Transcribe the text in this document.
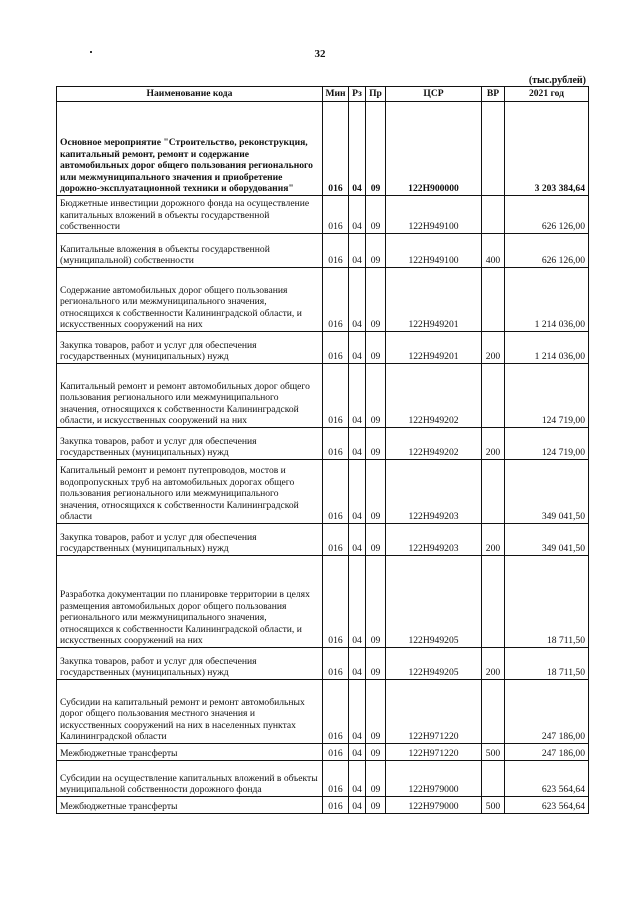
32
(тыс.рублей)
Наименование кода	Мин	Рз	Пр	ЦСР	ВР	2021 год
Основное мероприятие "Строительство, реконструкция, капитальный ремонт, ремонт и содержание автомобильных дорог общего пользования регионального или межмуниципального значения и приобретение дорожно-эксплуатационной техники и оборудования"	016	04	09	122H900000		3 203 384,64
Бюджетные инвестиции дорожного фонда на осуществление капитальных вложений в объекты государственной собственности	016	04	09	122H949100		626 126,00
Капитальные вложения в объекты государственной (муниципальной) собственности	016	04	09	122H949100	400	626 126,00
Содержание автомобильных дорог общего пользования регионального или межмуниципального значения, относящихся к собственности Калининградской области, и искусственных сооружений на них	016	04	09	122H949201		1 214 036,00
Закупка товаров, работ и услуг для обеспечения государственных (муниципальных) нужд	016	04	09	122H949201	200	1 214 036,00
Капитальный ремонт и ремонт автомобильных дорог общего пользования регионального или межмуниципального значения, относящихся к собственности Калининградской области, и искусственных сооружений на них	016	04	09	122H949202		124 719,00
Закупка товаров, работ и услуг для обеспечения государственных (муниципальных) нужд	016	04	09	122H949202	200	124 719,00
Капитальный ремонт и ремонт путепроводов, мостов и водопропускных труб на автомобильных дорогах общего пользования регионального или межмуниципального значения, относящихся к собственности Калининградской области	016	04	09	122H949203		349 041,50
Закупка товаров, работ и услуг для обеспечения государственных (муниципальных) нужд	016	04	09	122H949203	200	349 041,50
Разработка документации по планировке территории в целях размещения автомобильных дорог общего пользования регионального или межмуниципального значения, относящихся к собственности Калининградской области, и искусственных сооружений на них	016	04	09	122H949205		18 711,50
Закупка товаров, работ и услуг для обеспечения государственных (муниципальных) нужд	016	04	09	122H949205	200	18 711,50
Субсидии на капитальный ремонт и ремонт автомобильных дорог общего пользования местного значения и искусственных сооружений на них в населенных пунктах Калининградской области	016	04	09	122H971220		247 186,00
Межбюджетные трансферты	016	04	09	122H971220	500	247 186,00
Субсидии на осуществление капитальных вложений в объекты муниципальной собственности дорожного фонда	016	04	09	122H979000		623 564,64
Межбюджетные трансферты	016	04	09	122H979000	500	623 564,64
